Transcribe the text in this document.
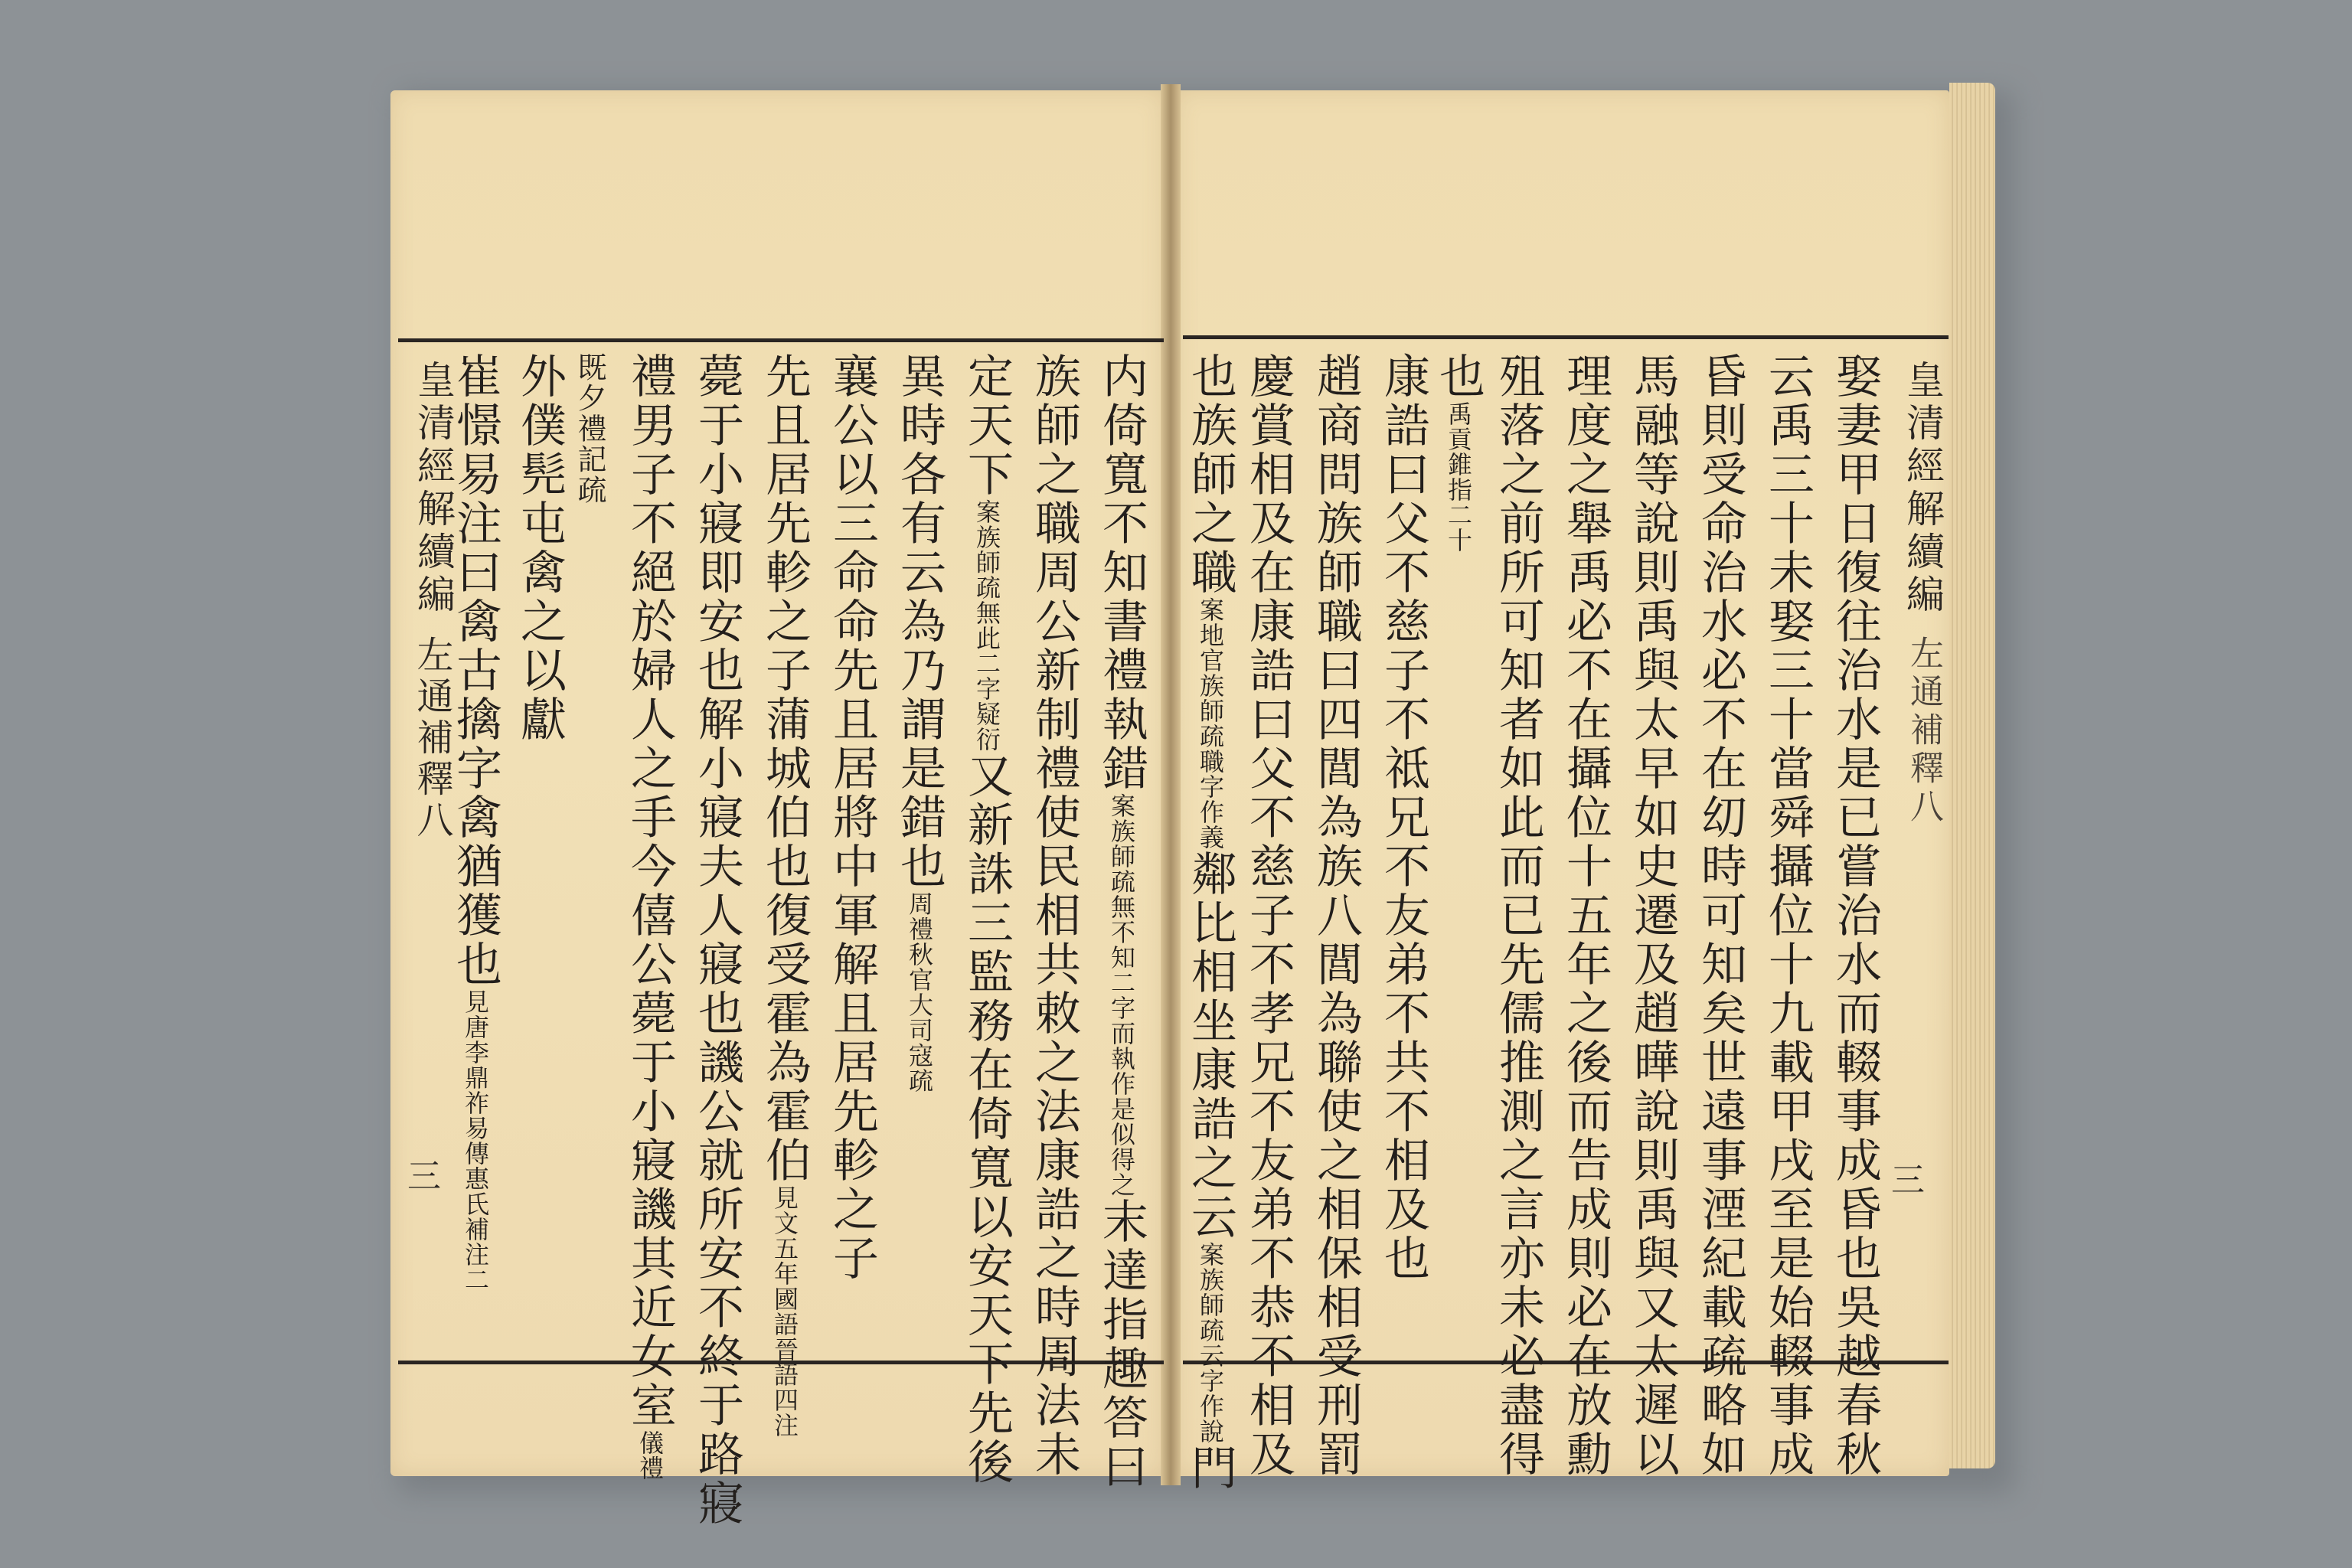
皇清經解續編
左通補釋八
三
皇清經解續編
左通補釋八
三	娶妻甲日復往治水是已嘗治水而輟事成昏也吳越春秋
云禹三十未娶三十當舜攝位十九載甲戌至是始輟事成
昏則受命治水必不在㓜時可知矣世遠事湮紀載疏略如
馬融等說則禹與太早如史遷及趙曄說則禹與又太遲以
理度之舉禹必不在攝位十五年之後而告成則必在放勳
殂落之前所可知者如此而已先儒推測之言亦未必盡得
也禹貢錐指二十
康誥曰父不慈子不祗兄不友弟不共不相及也
趙商問族師職曰四閭為族八閭為聯使之相保相受刑罰
慶賞相及在康誥曰父不慈子不孝兄不友弟不恭不相及
也族師之職案地官族師疏職字作義鄰比相坐康誥之云案族師疏云字作說門
内倚寬不知書禮執錯案族師疏無不知二字而執作是似得之末達指趣答曰
族師之職周公新制禮使民相共敕之法康誥之時周法未
定天下案族師疏無此二字疑衍又新誅三監務在倚寬以安天下先後
異時各有云為乃謂是錯也周禮秋官大司寇疏
襄公以三命命先且居將中軍解且居先軫之子
先且居先軫之子蒲城伯也復受霍為霍伯見文五年國語晉語四注
薨于小寢即安也解小寢夫人寢也譏公就所安不終于路寢
禮男子不絕於婦人之手今僖公薨于小寢譏其近女室儀禮
既夕禮記疏
外僕髡屯禽之以獻
崔憬易注曰禽古擒字禽猶獲也見唐李鼎祚易傳惠氏補注二
